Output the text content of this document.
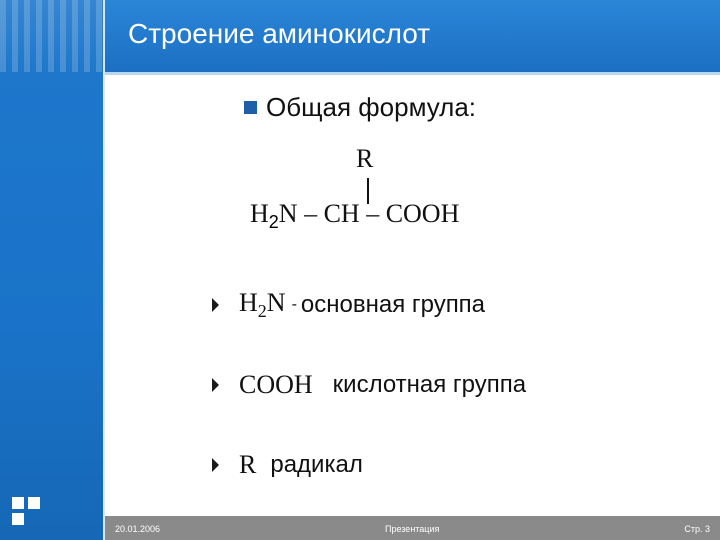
Строение аминокислот
Общая формула:
R
$H_2N$ – CH – COOH
$H_2N$ - основная группа
COOH кислотная группа
R радикал
20.01.2006	Презентация	Стр. 3
